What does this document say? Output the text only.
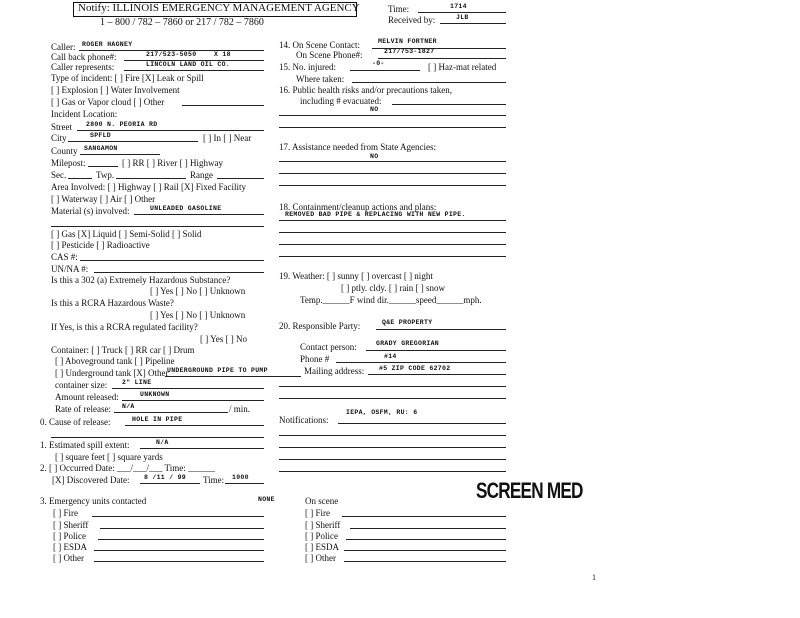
Notify: ILLINOIS EMERGENCY MANAGEMENT AGENCY
1 – 800 / 782 – 7860 or 217 / 782 – 7860
Time:	1714
Received by:	JLB
Caller: ROGER HAGNEY
Call back phone#:	217/523-5050	X 18
Caller represents:	LINCOLN LAND OIL CO.
Type of incident: [ ] Fire [X] Leak or Spill
[ ] Explosion [ ] Water Involvement
[ ] Gas or Vapor cloud [ ] Other
Incident Location:
Street 2800 N. PEORIA RD
City	SPFLD	[ ] In [ ] Near
County SANGAMON
Milepost:	[ ] RR [ ] River [ ] Highway
Sec.	Twp.	Range
Area Involved: [ ] Highway [ ] Rail [X] Fixed Facility
[ ] Waterway [ ] Air [ ] Other
Material (s) involved:	UNLEADED GASOLINE
[ ] Gas [X] Liquid [ ] Semi-Solid [ ] Solid
[ ] Pesticide [ ] Radioactive
CAS #:
UN/NA #:
Is this a 302 (a) Extremely Hazardous Substance?
[ ] Yes [ ] No [ ] Unknown
Is this a RCRA Hazardous Waste?
[ ] Yes [ ] No [ ] Unknown
If Yes, is this a RCRA regulated facility?
[ ] Yes [ ] No
Container: [ ] Truck [ ] RR car [ ] Drum
[ ] Aboveground tank [ ] Pipeline
[ ] Underground tank [X] Other
UNDERGROUND PIPE TO PUMP
container size: 2" LINE
Amount released:	UNKNOWN
Rate of release: N/A	/ min.
0. Cause of release:	HOLE IN PIPE
1. Estimated spill extent:	N/A
[ ] square feet [ ] square yards
2. [ ] Occurred Date: ___/___/___ Time: ______
[X] Discovered Date: 8 /11 / 99 Time: 1000
3. Emergency units contacted	NONE
[ ] Fire
[ ] Sheriff
[ ] Police
[ ] ESDA
[ ] Other
14. On Scene Contact:	MELVIN FORTNER
On Scene Phone#:	217/753-1827
15. No. injured:	-0-	[ ] Haz-mat related
Where taken:
16. Public health risks and/or precautions taken,
including # evacuated:
NO
17. Assistance needed from State Agencies:
NO
18. Containment/cleanup actions and plans:
REMOVED BAD PIPE & REPLACING WITH NEW PIPE.
19. Weather: [ ] sunny [ ] overcast [ ] night
[ ] ptly. cldy. [ ] rain [ ] snow
Temp.______F wind dir.______speed______mph.
20. Responsible Party:	Q&E PROPERTY
Contact person:	GRADY GREGORIAN
Phone #	#14
Mailing address: #5 ZIP CODE 62702
IEPA, OSFM, RU: 6
Notifications:
On scene
[ ] Fire
[ ] Sheriff
[ ] Police
[ ] ESDA
[ ] Other
SCREEN MED
1
